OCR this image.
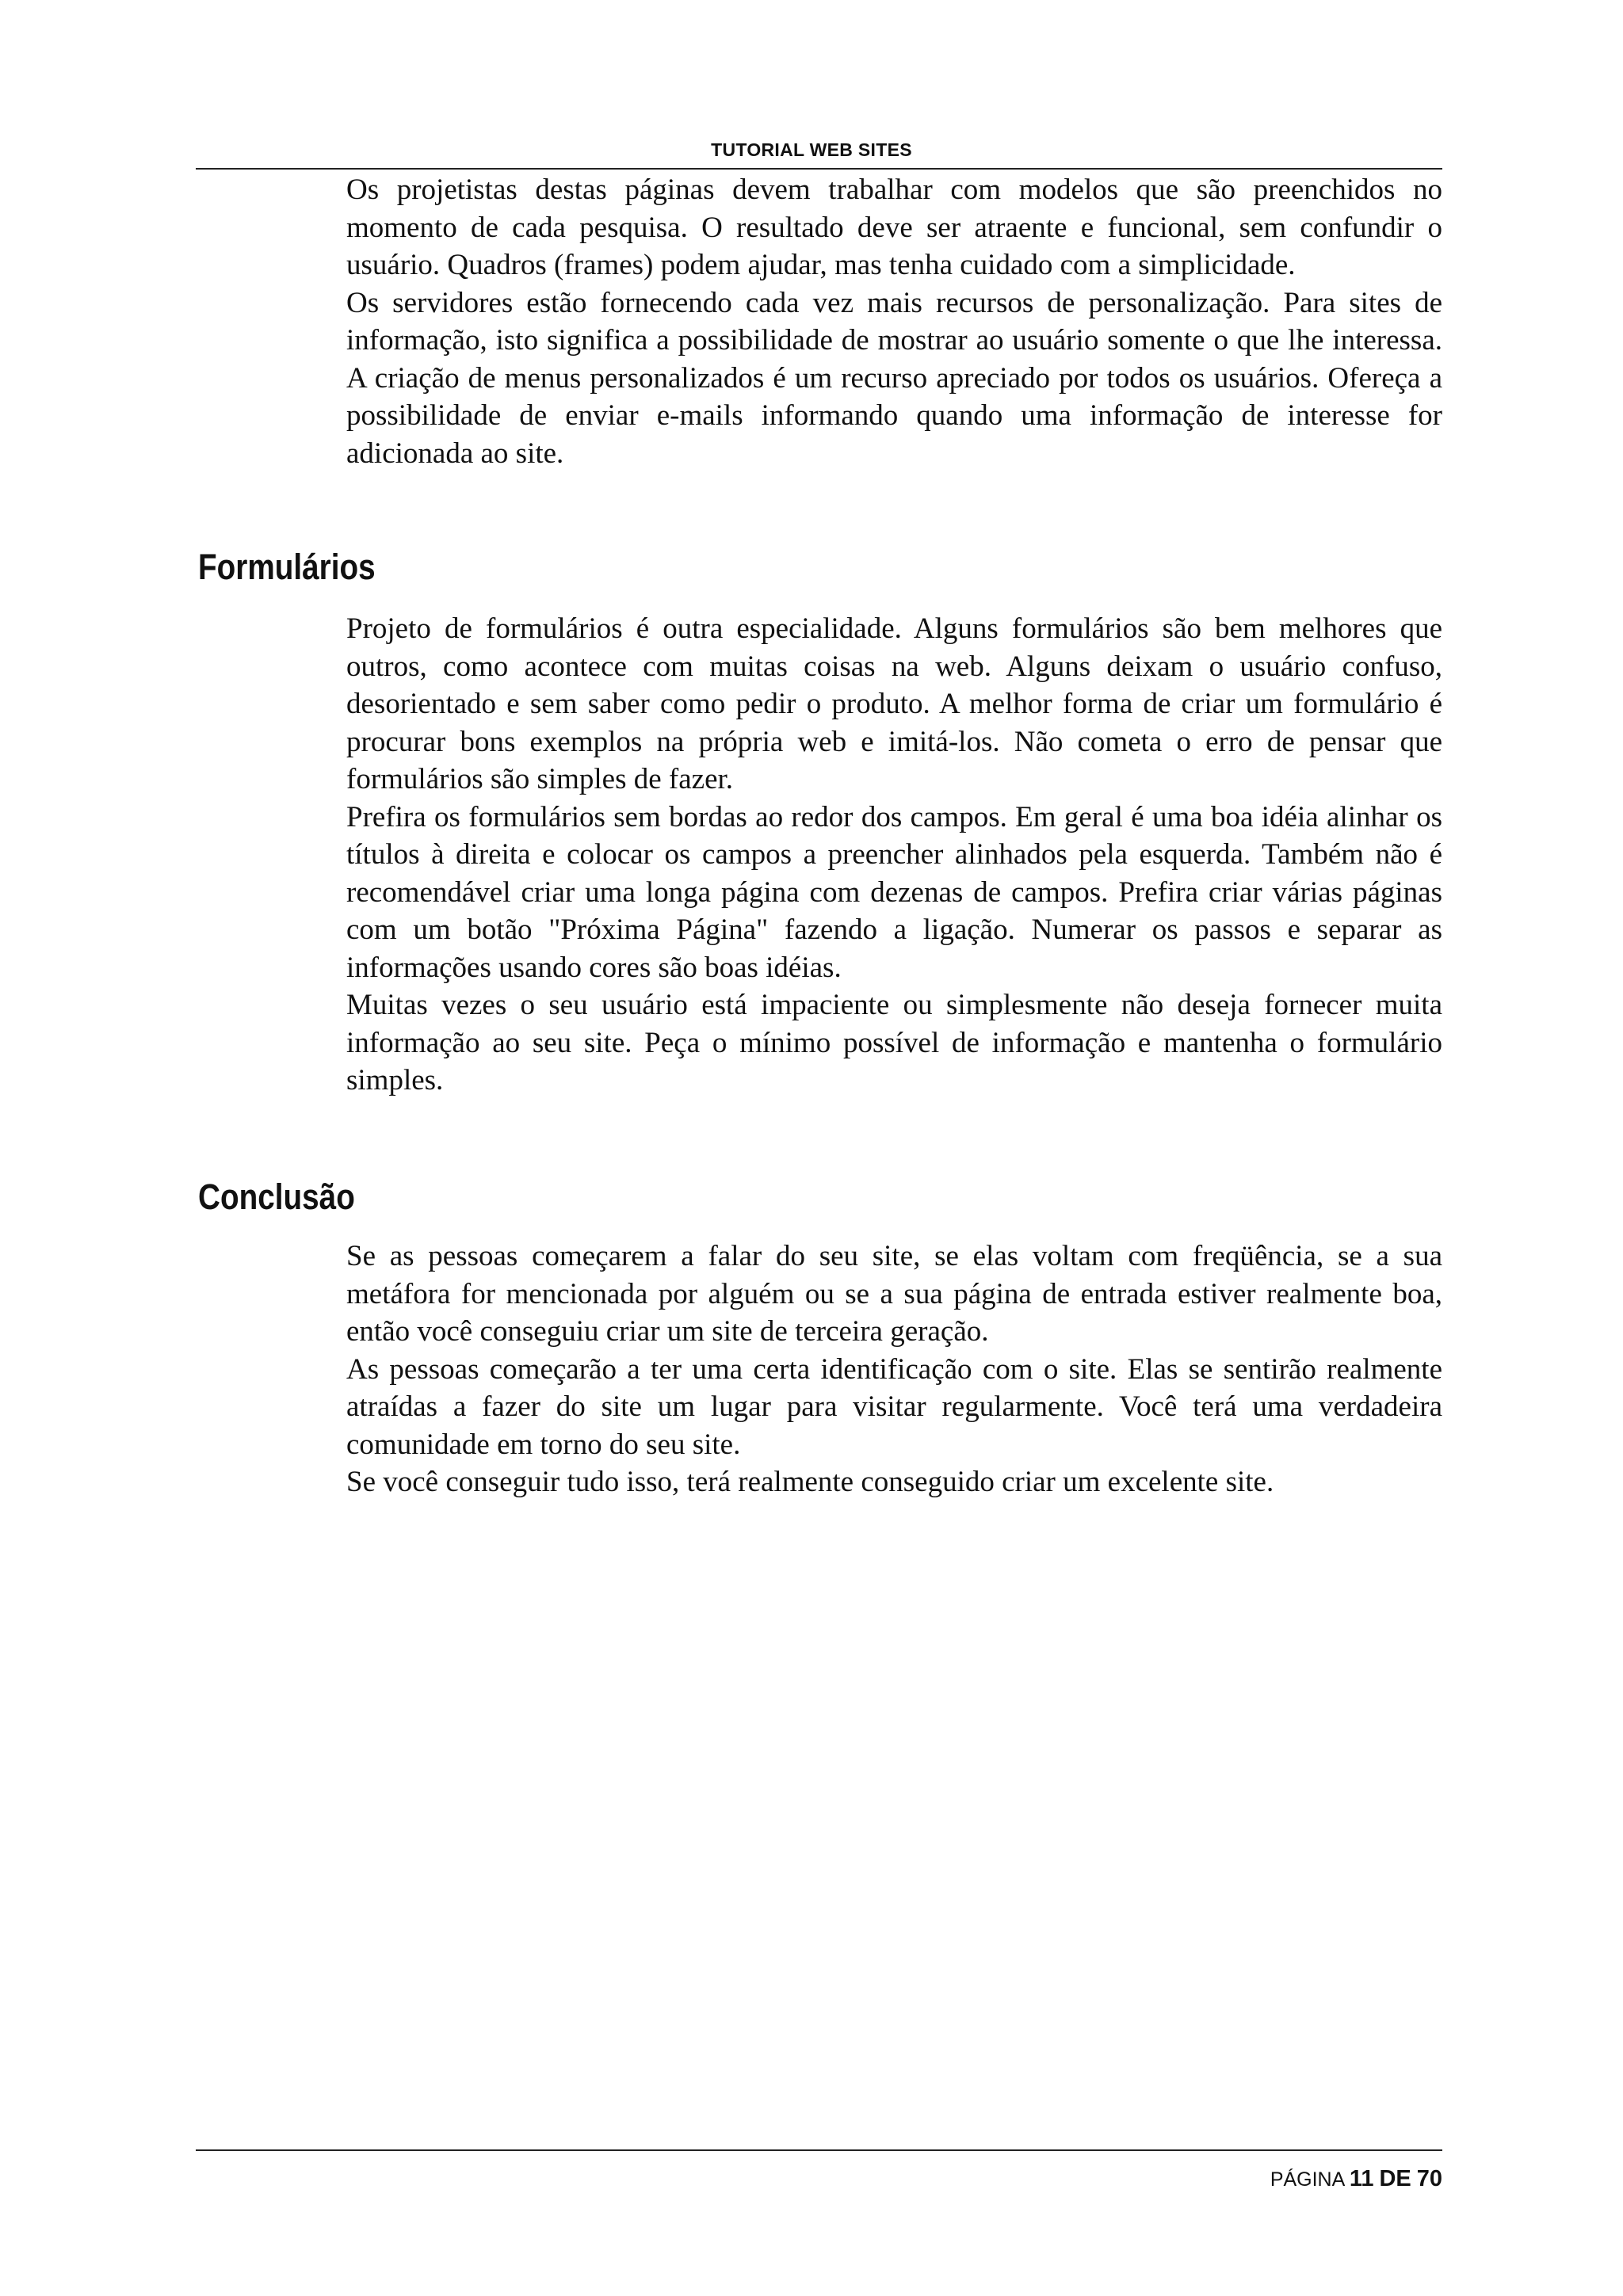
TUTORIAL WEB SITES

Os projetistas destas páginas devem trabalhar com modelos que são preenchidos no momento de cada pesquisa. O resultado deve ser atraente e funcional, sem confundir o usuário. Quadros (frames) podem ajudar, mas tenha cuidado com a simplicidade.

Os servidores estão fornecendo cada vez mais recursos de personalização. Para sites de informação, isto significa a possibilidade de mostrar ao usuário somente o que lhe interessa. A criação de menus personalizados é um recurso apreciado por todos os usuários. Ofereça a possibilidade de enviar e-mails informando quando uma informação de interesse for adicionada ao site.

Formulários

Projeto de formulários é outra especialidade. Alguns formulários são bem melhores que outros, como acontece com muitas coisas na web. Alguns deixam o usuário confuso, desorientado e sem saber como pedir o produto. A melhor forma de criar um formulário é procurar bons exemplos na própria web e imitá-los. Não cometa o erro de pensar que formulários são simples de fazer.

Prefira os formulários sem bordas ao redor dos campos. Em geral é uma boa idéia alinhar os títulos à direita e colocar os campos a preencher alinhados pela esquerda. Também não é recomendável criar uma longa página com dezenas de campos. Prefira criar várias páginas com um botão "Próxima Página" fazendo a ligação. Numerar os passos e separar as informações usando cores são boas idéias.

Muitas vezes o seu usuário está impaciente ou simplesmente não deseja fornecer muita informação ao seu site. Peça o mínimo possível de informação e mantenha o formulário simples.

Conclusão

Se as pessoas começarem a falar do seu site, se elas voltam com freqüência, se a sua metáfora for mencionada por alguém ou se a sua página de entrada estiver realmente boa, então você conseguiu criar um site de terceira geração.

As pessoas começarão a ter uma certa identificação com o site. Elas se sentirão realmente atraídas a fazer do site um lugar para visitar regularmente. Você terá uma verdadeira comunidade em torno do seu site.

Se você conseguir tudo isso, terá realmente conseguido criar um excelente site.

PÁGINA 11 DE 70
